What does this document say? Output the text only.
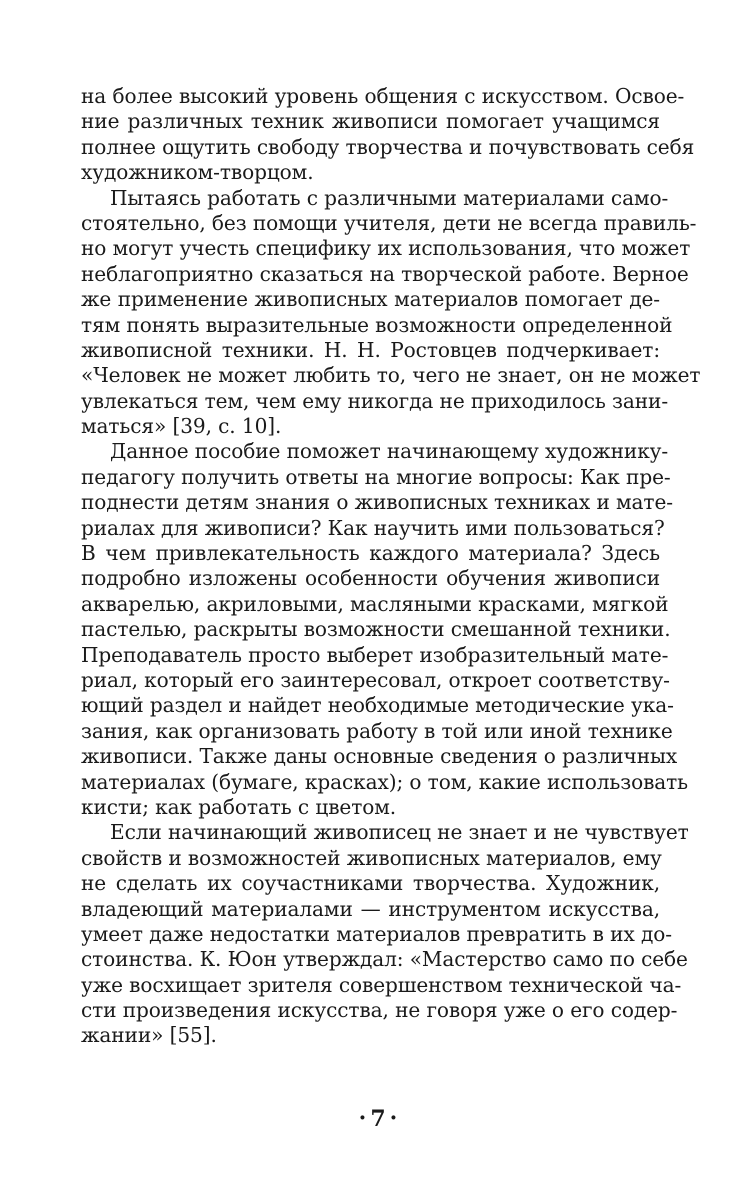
на более высокий уровень общения с искусством. Освое-
ние различных техник живописи помогает учащимся
полнее ощутить свободу творчества и почувствовать себя
художником-творцом.
Пытаясь работать с различными материалами само-
стоятельно, без помощи учителя, дети не всегда правиль-
но могут учесть специфику их использования, что может
неблагоприятно сказаться на творческой работе. Верное
же применение живописных материалов помогает де-
тям понять выразительные возможности определенной
живописной техники. Н. Н. Ростовцев подчеркивает:
«Человек не может любить то, чего не знает, он не может
увлекаться тем, чем ему никогда не приходилось зани-
маться» [39, с. 10].
Данное пособие поможет начинающему художнику-
педагогу получить ответы на многие вопросы: Как пре-
поднести детям знания о живописных техниках и мате-
риалах для живописи? Как научить ими пользоваться?
В чем привлекательность каждого материала? Здесь
подробно изложены особенности обучения живописи
акварелью, акриловыми, масляными красками, мягкой
пастелью, раскрыты возможности смешанной техники.
Преподаватель просто выберет изобразительный мате-
риал, который его заинтересовал, откроет соответству-
ющий раздел и найдет необходимые методические ука-
зания, как организовать работу в той или иной технике
живописи. Также даны основные сведения о различных
материалах (бумаге, красках); о том, какие использовать
кисти; как работать с цветом.
Если начинающий живописец не знает и не чувствует
свойств и возможностей живописных материалов, ему
не сделать их соучастниками творчества. Художник,
владеющий материалами — инструментом искусства,
умеет даже недостатки материалов превратить в их до-
стоинства. К. Юон утверждал: «Мастерство само по себе
уже восхищает зрителя совершенством технической ча-
сти произведения искусства, не говоря уже о его содер-
жании» [55].
· 7 ·
